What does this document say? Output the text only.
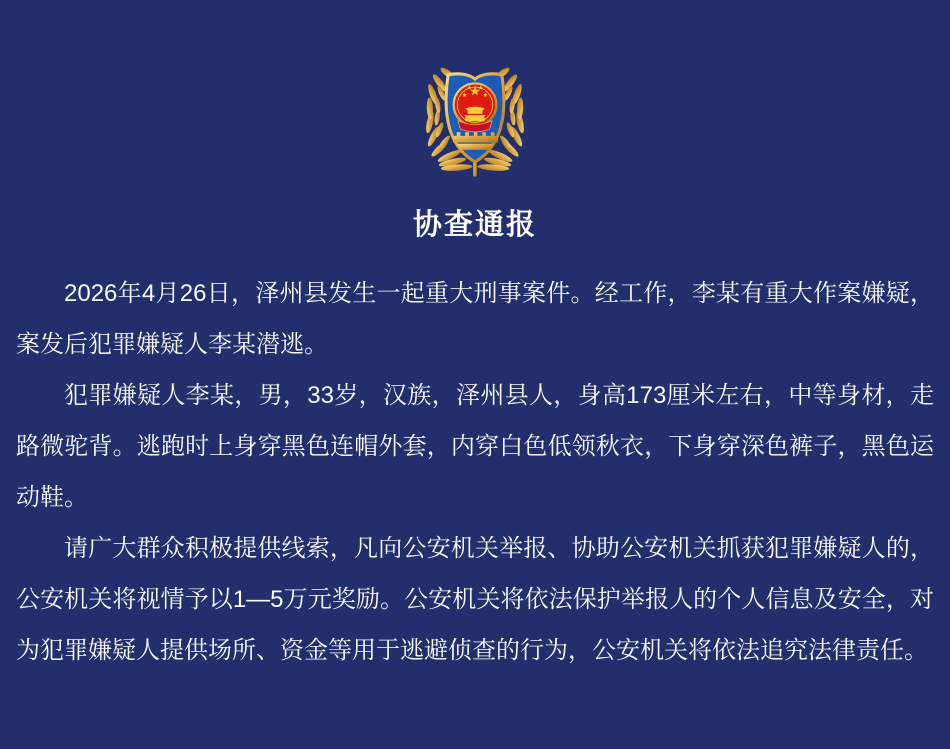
协查通报

2026年4月26日，泽州县发生一起重大刑事案件。经工作，李某有重大作案嫌疑，案发后犯罪嫌疑人李某潜逃。

犯罪嫌疑人李某，男，33岁，汉族，泽州县人，身高173厘米左右，中等身材，走路微驼背。逃跑时上身穿黑色连帽外套，内穿白色低领秋衣，下身穿深色裤子，黑色运动鞋。

请广大群众积极提供线索，凡向公安机关举报、协助公安机关抓获犯罪嫌疑人的，公安机关将视情予以1—5万元奖励。公安机关将依法保护举报人的个人信息及安全，对为犯罪嫌疑人提供场所、资金等用于逃避侦查的行为，公安机关将依法追究法律责任。
